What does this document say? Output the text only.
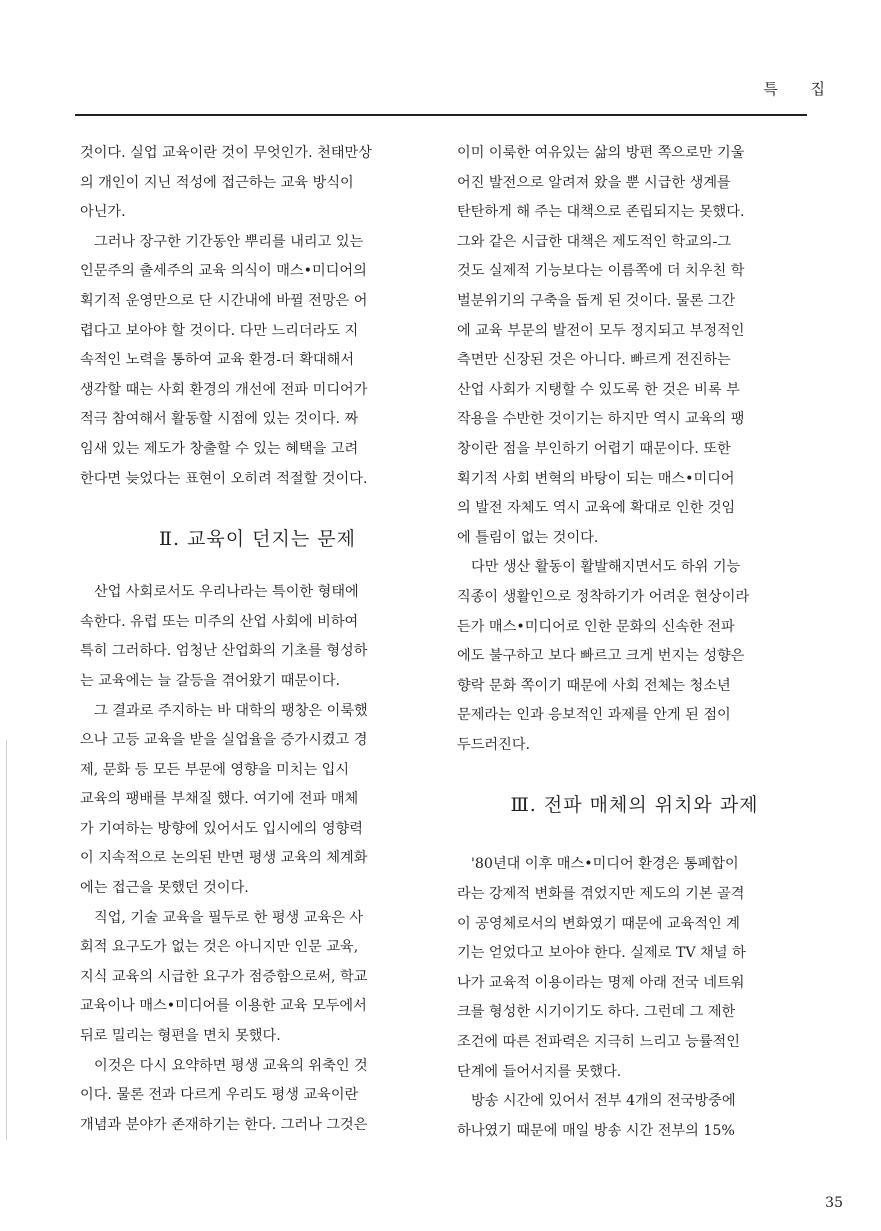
특 집
것이다. 실업 교육이란 것이 무엇인가. 천태만상
의 개인이 지닌 적성에 접근하는 교육 방식이
아닌가.
그러나 장구한 기간동안 뿌리를 내리고 있는
인문주의 출세주의 교육 의식이 매스•미디어의
획기적 운영만으로 단 시간내에 바뀔 전망은 어
렵다고 보아야 할 것이다. 다만 느리더라도 지
속적인 노력을 통하여 교육 환경-더 확대해서
생각할 때는 사회 환경의 개선에 전파 미디어가
적극 참여해서 활동할 시점에 있는 것이다. 짜
임새 있는 제도가 창출할 수 있는 혜택을 고려
한다면 늦었다는 표현이 오히려 적절할 것이다.
Ⅱ. 교육이 던지는 문제
산업 사회로서도 우리나라는 특이한 형태에
속한다. 유럽 또는 미주의 산업 사회에 비하여
특히 그러하다. 엄청난 산업화의 기초를 형성하
는 교육에는 늘 갈등을 겪어왔기 때문이다.
그 결과로 주지하는 바 대학의 팽창은 이룩했
으나 고등 교육을 받을 실업율을 증가시켰고 경
제, 문화 등 모든 부문에 영향을 미치는 입시
교육의 팽배를 부채질 했다. 여기에 전파 매체
가 기여하는 방향에 있어서도 입시에의 영향력
이 지속적으로 논의된 반면 평생 교육의 체계화
에는 접근을 못했던 것이다.
직업, 기술 교육을 필두로 한 평생 교육은 사
회적 요구도가 없는 것은 아니지만 인문 교육,
지식 교육의 시급한 요구가 점증함으로써, 학교
교육이나 매스•미디어를 이용한 교육 모두에서
뒤로 밀리는 형편을 면치 못했다.
이것은 다시 요약하면 평생 교육의 위축인 것
이다. 물론 전과 다르게 우리도 평생 교육이란
개념과 분야가 존재하기는 한다. 그러나 그것은
이미 이룩한 여유있는 삶의 방편 쪽으로만 기울
어진 발전으로 알려져 왔을 뿐 시급한 생계를
탄탄하게 해 주는 대책으로 존립되지는 못했다.
그와 같은 시급한 대책은 제도적인 학교의-그
것도 실제적 기능보다는 이름쪽에 더 치우친 학
벌분위기의 구축을 돕게 된 것이다. 물론 그간
에 교육 부문의 발전이 모두 정지되고 부정적인
측면만 신장된 것은 아니다. 빠르게 전진하는
산업 사회가 지탱할 수 있도록 한 것은 비록 부
작용을 수반한 것이기는 하지만 역시 교육의 팽
창이란 점을 부인하기 어렵기 때문이다. 또한
획기적 사회 변혁의 바탕이 되는 매스•미디어
의 발전 자체도 역시 교육에 확대로 인한 것임
에 틀림이 없는 것이다.
다만 생산 활동이 활발해지면서도 하위 기능
직종이 생활인으로 정착하기가 어려운 현상이라
든가 매스•미디어로 인한 문화의 신속한 전파
에도 불구하고 보다 빠르고 크게 번지는 성향은
향락 문화 쪽이기 때문에 사회 전체는 청소년
문제라는 인과 응보적인 과제를 안게 된 점이
두드러진다.
Ⅲ. 전파 매체의 위치와 과제
'80년대 이후 매스•미디어 환경은 통폐합이
라는 강제적 변화를 겪었지만 제도의 기본 골격
이 공영체로서의 변화였기 때문에 교육적인 계
기는 얻었다고 보아야 한다. 실제로 TV 채널 하
나가 교육적 이용이라는 명제 아래 전국 네트워
크를 형성한 시기이기도 하다. 그런데 그 제한
조건에 따른 전파력은 지극히 느리고 능률적인
단계에 들어서지를 못했다.
방송 시간에 있어서 전부 4개의 전국방중에
하나였기 때문에 매일 방송 시간 전부의 15%
35
